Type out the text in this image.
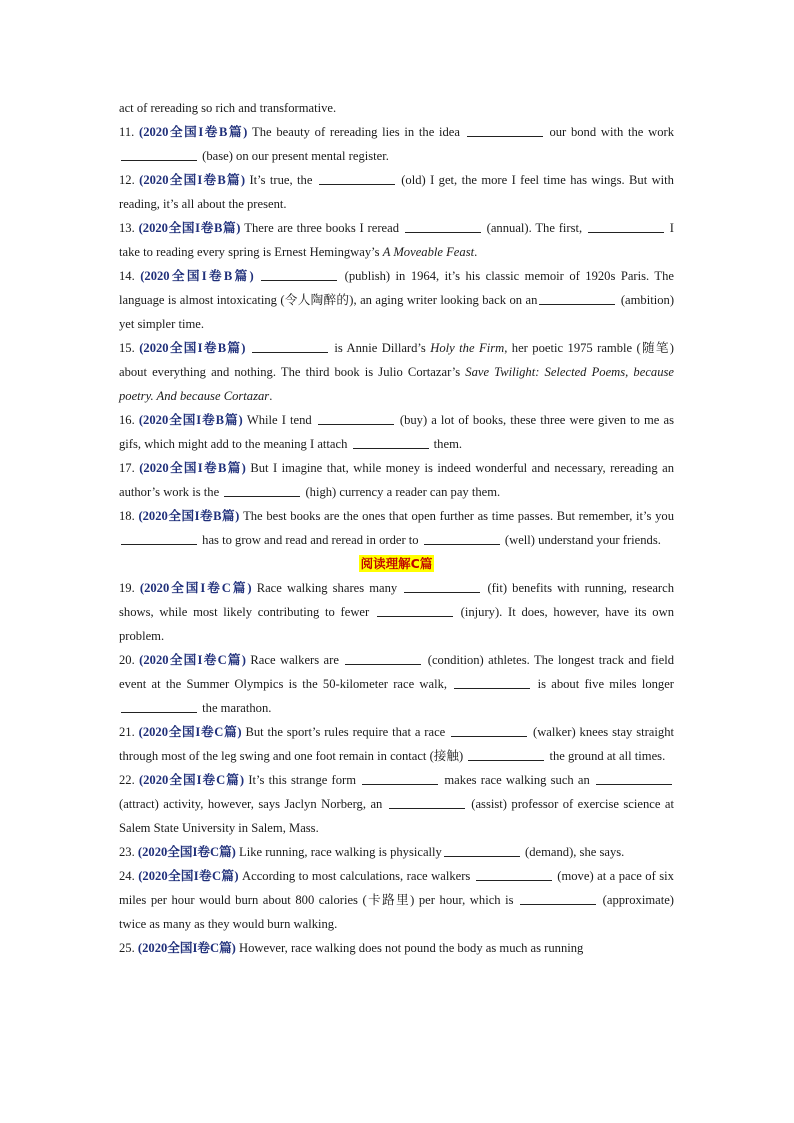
act of rereading so rich and transformative.
11. (2020全国I卷B篇) The beauty of rereading lies in the idea	our bond with the work  (base) on our present mental register.
12. (2020全国I卷B篇) It’s true, the	(old) I get, the more I feel time has wings. But with reading, it’s all about the present.
13. (2020全国I卷B篇) There are three books I reread	(annual). The first,	I take to reading every spring is Ernest Hemingway’s A Moveable Feast.
14. (2020全国I卷B篇)	(publish) in 1964, it’s his classic memoir of 1920s Paris. The language is almost intoxicating (令人陶醉的), an aging writer looking back on an	(ambition) yet simpler time.
15. (2020全国I卷B篇)	is Annie Dillard’s Holy the Firm, her poetic 1975 ramble (随笔) about everything and nothing. The third book is Julio Cortazar’s Save Twilight: Selected Poems, because poetry. And because Cortazar.
16. (2020全国I卷B篇) While I tend	(buy) a lot of books, these three were given to me as gifs, which might add to the meaning I attach	them.
17. (2020全国I卷B篇) But I imagine that, while money is indeed wonderful and necessary, rereading an author’s work is the	(high) currency a reader can pay them.
18. (2020全国I卷B篇) The best books are the ones that open further as time passes. But remember, it’s you  has to grow and read and reread in order to	(well) understand your friends.
阅读理解C篇
19. (2020全国I卷C篇) Race walking shares many	(fit) benefits with running, research shows, while most likely contributing to fewer	(injury). It does, however, have its own problem.
20. (2020全国I卷C篇) Race walkers are	(condition) athletes. The longest track and field event at the Summer Olympics is the 50-kilometer race walk,	is about five miles longer  the marathon.
21. (2020全国I卷C篇) But the sport’s rules require that a race	(walker) knees stay straight through most of the leg swing and one foot remain in contact (接触)	the ground at all times.
22. (2020全国I卷C篇) It’s this strange form	makes race walking such an  (attract) activity, however, says Jaclyn Norberg, an	(assist) professor of exercise science at Salem State University in Salem, Mass.
23. (2020全国I卷C篇) Like running, race walking is physically	(demand), she says.
24. (2020全国I卷C篇) According to most calculations, race walkers	(move) at a pace of six miles per hour would burn about 800 calories (卡路里) per hour, which is	(approximate) twice as many as they would burn walking.
25. (2020全国I卷C篇) However, race walking does not pound the body as much as running
